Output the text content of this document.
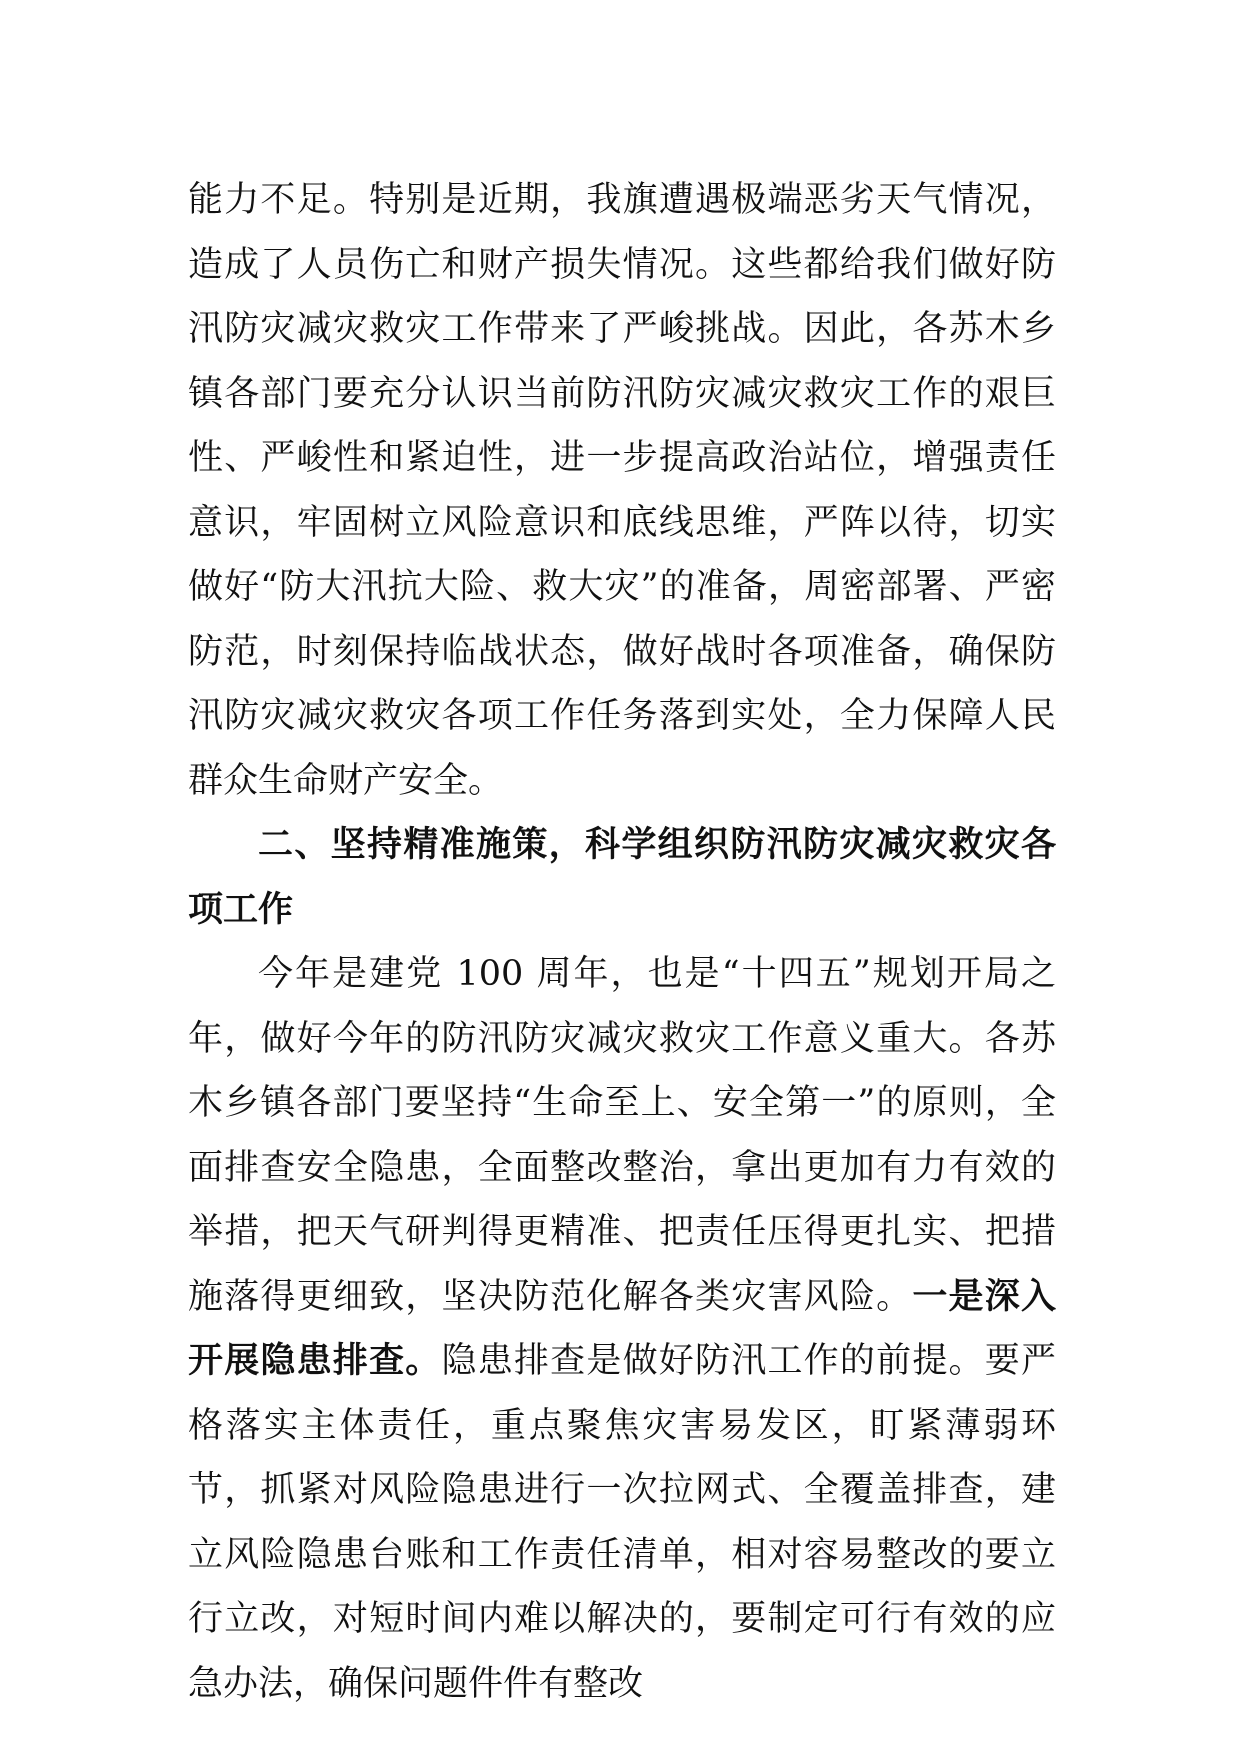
能力不足。特别是近期，我旗遭遇极端恶劣天气情况，造成了人员伤亡和财产损失情况。这些都给我们做好防汛防灾减灾救灾工作带来了严峻挑战。因此，各苏木乡镇各部门要充分认识当前防汛防灾减灾救灾工作的艰巨性、严峻性和紧迫性，进一步提高政治站位，增强责任意识，牢固树立风险意识和底线思维，严阵以待，切实做好“防大汛抗大险、救大灾”的准备，周密部署、严密防范，时刻保持临战状态，做好战时各项准备，确保防汛防灾减灾救灾各项工作任务落到实处，全力保障人民群众生命财产安全。

二、坚持精准施策，科学组织防汛防灾减灾救灾各项工作

今年是建党 100 周年，也是“十四五”规划开局之年，做好今年的防汛防灾减灾救灾工作意义重大。各苏木乡镇各部门要坚持“生命至上、安全第一”的原则，全面排查安全隐患，全面整改整治，拿出更加有力有效的举措，把天气研判得更精准、把责任压得更扎实、把措施落得更细致，坚决防范化解各类灾害风险。一是深入开展隐患排查。隐患排查是做好防汛工作的前提。要严格落实主体责任，重点聚焦灾害易发区，盯紧薄弱环节，抓紧对风险隐患进行一次拉网式、全覆盖排查，建立风险隐患台账和工作责任清单，相对容易整改的要立行立改，对短时间内难以解决的，要制定可行有效的应急办法，确保问题件件有整改
